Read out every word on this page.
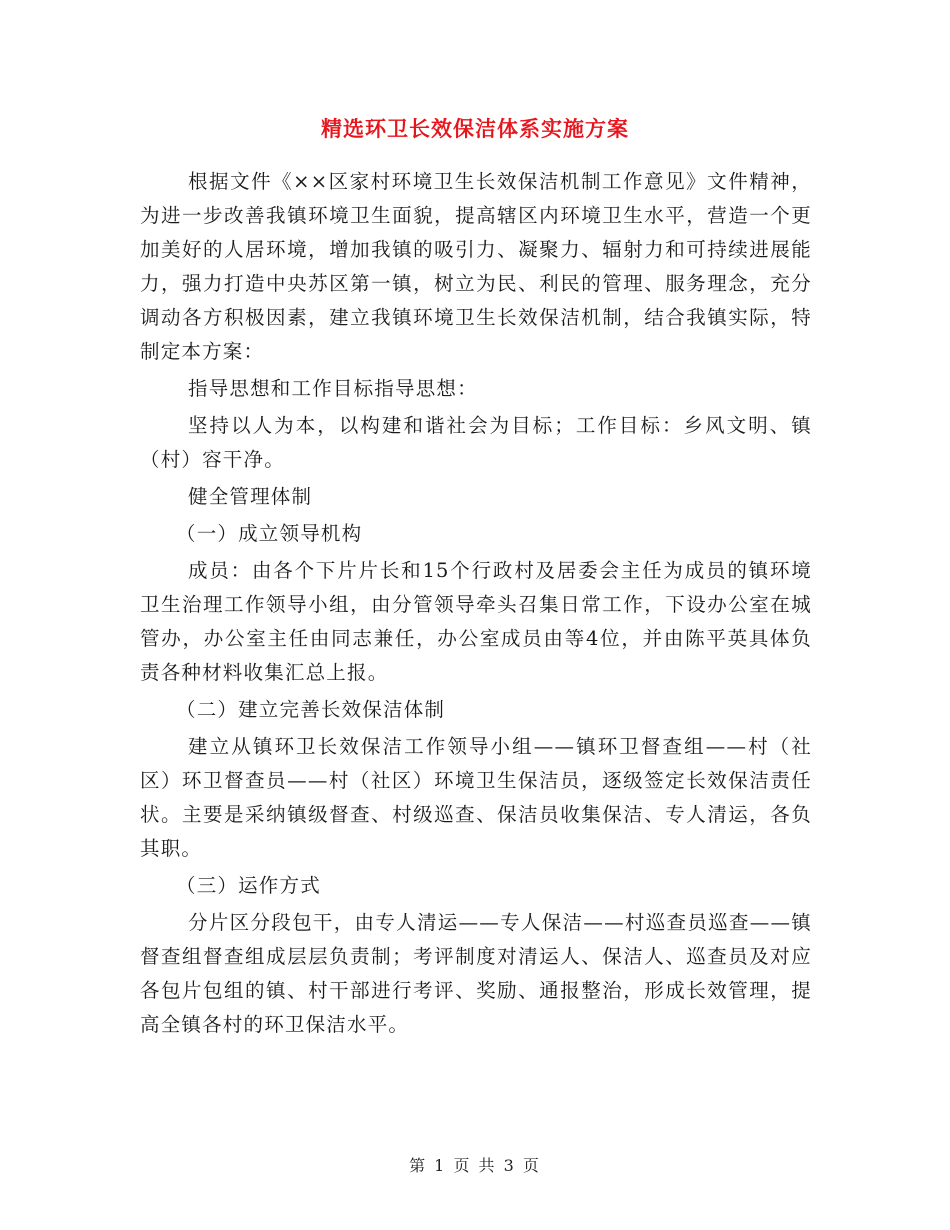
精选环卫长效保洁体系实施方案

根据文件《××区家村环境卫生长效保洁机制工作意见》文件精神，为进一步改善我镇环境卫生面貌，提高辖区内环境卫生水平，营造一个更加美好的人居环境，增加我镇的吸引力、凝聚力、辐射力和可持续进展能力，强力打造中央苏区第一镇，树立为民、利民的管理、服务理念，充分调动各方积极因素，建立我镇环境卫生长效保洁机制，结合我镇实际，特制定本方案：

指导思想和工作目标指导思想：

坚持以人为本，以构建和谐社会为目标；工作目标：乡风文明、镇（村）容干净。

健全管理体制

（一）成立领导机构

成员：由各个下片片长和15个行政村及居委会主任为成员的镇环境卫生治理工作领导小组，由分管领导牵头召集日常工作，下设办公室在城管办，办公室主任由同志兼任，办公室成员由等4位，并由陈平英具体负责各种材料收集汇总上报。

（二）建立完善长效保洁体制

建立从镇环卫长效保洁工作领导小组——镇环卫督查组——村（社区）环卫督查员——村（社区）环境卫生保洁员，逐级签定长效保洁责任状。主要是采纳镇级督查、村级巡查、保洁员收集保洁、专人清运，各负其职。

（三）运作方式

分片区分段包干，由专人清运——专人保洁——村巡查员巡查——镇督查组督查组成层层负责制；考评制度对清运人、保洁人、巡查员及对应各包片包组的镇、村干部进行考评、奖励、通报整治，形成长效管理，提高全镇各村的环卫保洁水平。

第 1 页 共 3 页
